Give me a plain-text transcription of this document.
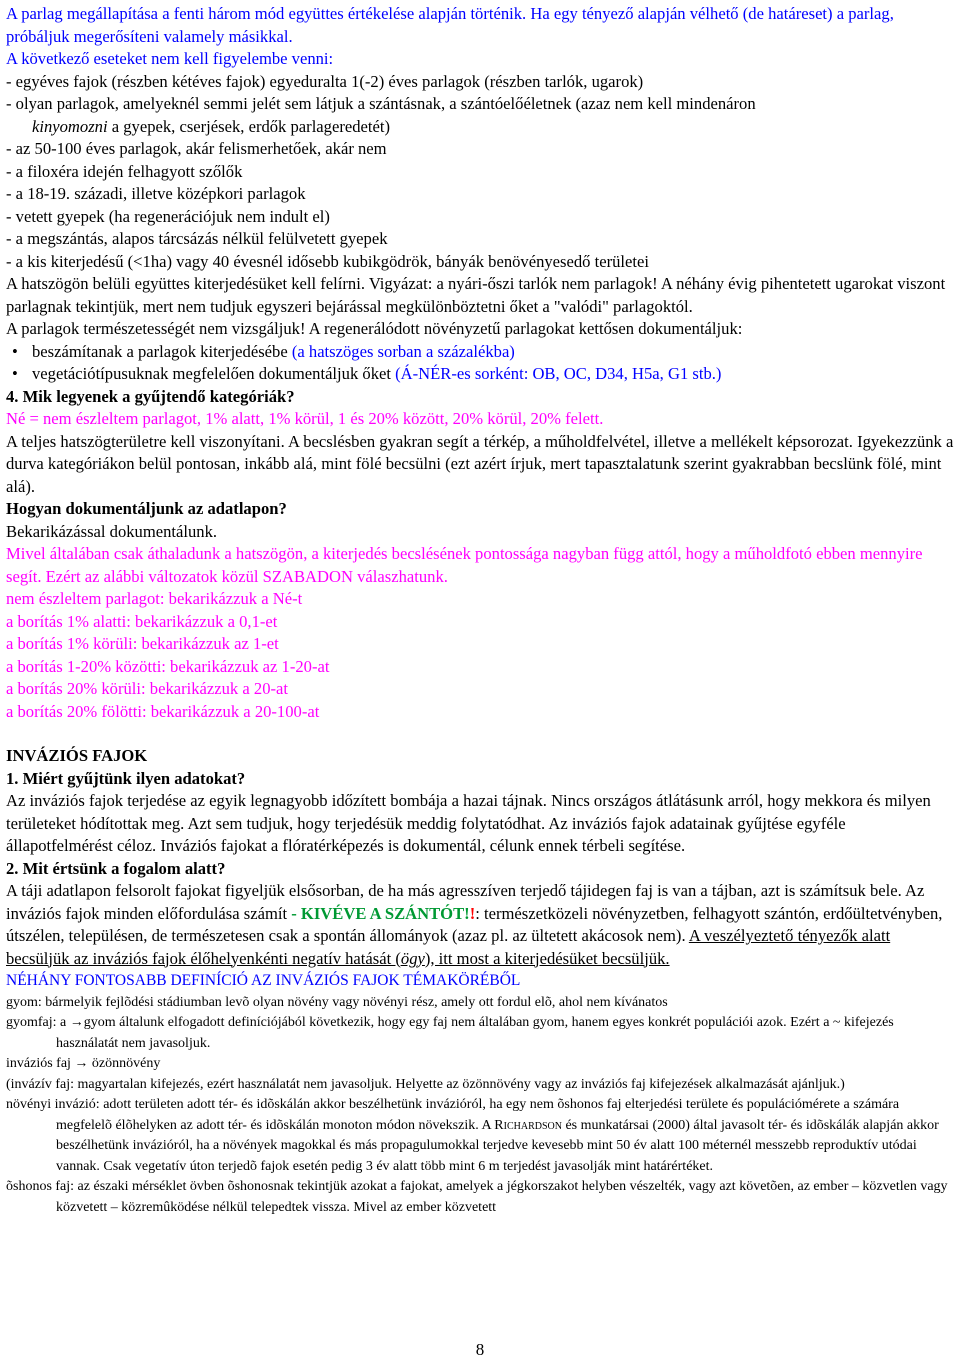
A parlag megállapítása a fenti három mód együttes értékelése alapján történik. Ha egy tényező alapján vélhető (de határeset) a parlag, próbáljuk megerősíteni valamely másikkal.

A következő eseteket nem kell figyelembe venni:

- egyéves fajok (részben kétéves fajok) egyeduralta 1(-2) éves parlagok (részben tarlók, ugarok)

- olyan parlagok, amelyeknél semmi jelét sem látjuk a szántásnak, a szántóelőéletnek (azaz nem kell mindenáron

kinyomozni a gyepek, cserjések, erdők parlageredetét)

- az 50-100 éves parlagok, akár felismerhetőek, akár nem

- a filoxéra idején felhagyott szőlők

- a 18-19. századi, illetve középkori parlagok

- vetett gyepek (ha regenerációjuk nem indult el)

- a megszántás, alapos tárcsázás nélkül felülvetett gyepek

- a kis kiterjedésű (<1ha) vagy 40 évesnél idősebb kubikgödrök, bányák benövényesedő területei

A hatszögön belüli együttes kiterjedésüket kell felírni. Vigyázat: a nyári-őszi tarlók nem parlagok! A néhány évig pihentetett ugarokat viszont parlagnak tekintjük, mert nem tudjuk egyszeri bejárással megkülönböztetni őket a "valódi" parlagoktól.

A parlagok természetességét nem vizsgáljuk! A regenerálódott növényzetű parlagokat kettősen dokumentáljuk:

• beszámítanak a parlagok kiterjedésébe (a hatszöges sorban a százalékba)
• vegetációtípusuknak megfelelően dokumentáljuk őket (Á-NÉR-es sorként: OB, OC, D34, H5a, G1 stb.)

4. Mik legyenek a gyűjtendő kategóriák?

Né = nem észleltem parlagot, 1% alatt, 1% körül, 1 és 20% között, 20% körül, 20% felett.

A teljes hatszögterületre kell viszonyítani. A becslésben gyakran segít a térkép, a műholdfelvétel, illetve a mellékelt képsorozat. Igyekezzünk a durva kategóriákon belül pontosan, inkább alá, mint fölé becsülni (ezt azért írjuk, mert tapasztalatunk szerint gyakrabban becslünk fölé, mint alá).

Hogyan dokumentáljunk az adatlapon?

Bekarikázással dokumentálunk.

Mivel általában csak áthaladunk a hatszögön, a kiterjedés becslésének pontossága nagyban függ attól, hogy a műholdfotó ebben mennyire segít. Ezért az alábbi változatok közül SZABADON válaszhatunk.

nem észleltem parlagot: bekarikázzuk a Né-t

a borítás 1% alatti: bekarikázzuk a 0,1-et

a borítás 1% körüli: bekarikázzuk az 1-et

a borítás 1-20% közötti: bekarikázzuk az 1-20-at

a borítás 20% körüli: bekarikázzuk a 20-at

a borítás 20% fölötti: bekarikázzuk a 20-100-at

INVÁZIÓS FAJOK

1. Miért gyűjtünk ilyen adatokat?

Az inváziós fajok terjedése az egyik legnagyobb időzített bombája a hazai tájnak. Nincs országos átlátásunk arról, hogy mekkora és milyen területeket hódítottak meg. Azt sem tudjuk, hogy terjedésük meddig folytatódhat. Az inváziós fajok adatainak gyűjtése egyféle állapotfelmérést céloz. Inváziós fajokat a flóratérképezés is dokumentál, célunk ennek térbeli segítése.

2. Mit értsünk a fogalom alatt?

A táji adatlapon felsorolt fajokat figyeljük elsősorban, de ha más agresszíven terjedő tájidegen faj is van a tájban, azt is számítsuk bele. Az inváziós fajok minden előfordulása számít - KIVÉVE A SZÁNTÓT!!: természetközeli növényzetben, felhagyott szántón, erdőültetvényben, útszélen, településen, de természetesen csak a spontán állományok (azaz pl. az ültetett akácosok nem). A veszélyeztető tényezők alatt becsüljük az inváziós fajok élőhelyenkénti negatív hatását (ögy), itt most a kiterjedésüket becsüljük.

NÉHÁNY FONTOSABB DEFINÍCIÓ AZ INVÁZIÓS FAJOK TÉMAKÖRÉBŐL

gyom: bármelyik fejlõdési stádiumban levõ olyan növény vagy növényi rész, amely ott fordul elõ, ahol nem kívánatos

gyomfaj: a →gyom általunk elfogadott definíciójából következik, hogy egy faj nem általában gyom, hanem egyes konkrét populációi azok. Ezért a ~ kifejezés használatát nem javasoljuk.

inváziós faj → özönnövény

(invázív faj: magyartalan kifejezés, ezért használatát nem javasoljuk. Helyette az özönnövény vagy az inváziós faj kifejezések alkalmazását ajánljuk.)

növényi invázió: adott területen adott tér- és idõskálán akkor beszélhetünk invázióról, ha egy nem õshonos faj elterjedési területe és populációmérete a számára megfelelõ élõhelyken az adott tér- és idõskálán monoton módon növekszik. A Richardson és munkatársai (2000) által javasolt tér- és idõskálák alapján akkor beszélhetünk invázióról, ha a növények magokkal és más propagulumokkal terjedve kevesebb mint 50 év alatt 100 méternél messzebb reproduktív utódai vannak. Csak vegetatív úton terjedõ fajok esetén pedig 3 év alatt több mint 6 m terjedést javasolják mint határértéket.

õshonos faj: az északi mérséklet övben õshonosnak tekintjük azokat a fajokat, amelyek a jégkorszakot helyben vészelték, vagy azt követõen, az ember – közvetlen vagy közvetett – közremûködése nélkül telepedtek vissza. Mivel az ember közvetett

8
